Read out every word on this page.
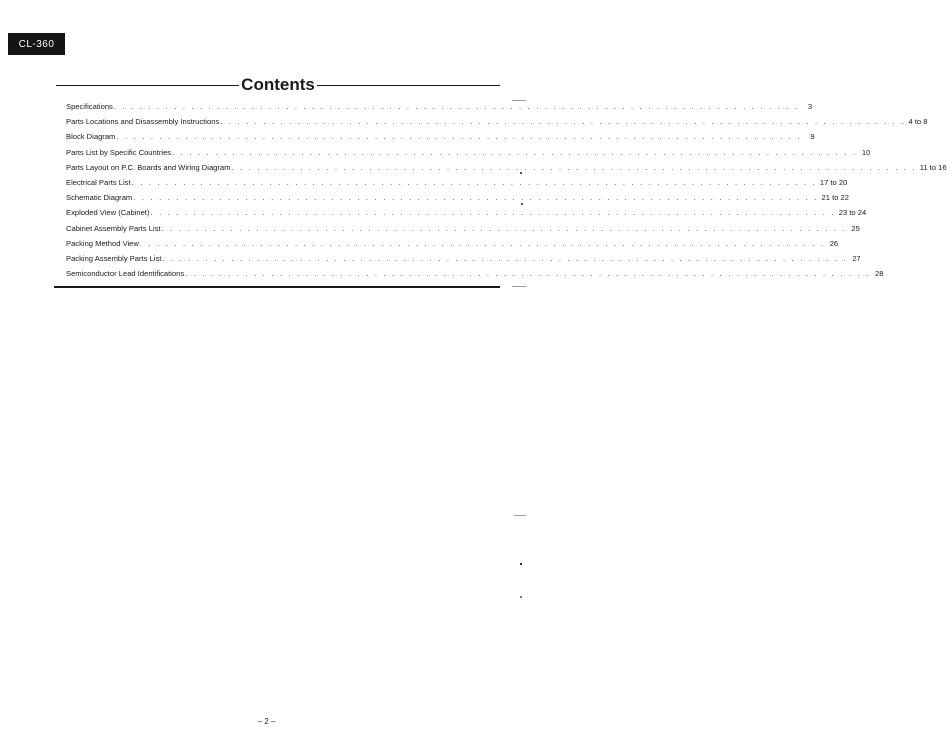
CL-360
Contents
Specifications . . . . . . . . . . . . . . . . . . . . . . . . . . . . . . . . . . . . . . . . . . . . . . . . . . . . . . . . . . . . . . . . . . . . . . . . . . . . . . . .	3
Parts Locations and Disassembly Instructions . . . . . . . . . . . . . . . . . . . . . . . . . . . . . . . . . . . . . . . . . . . . . . . . . . . . . . . . . . . . . . . . . . . . . . . . . . . . . . . . 4 to 8
Block Diagram . . . . . . . . . . . . . . . . . . . . . . . . . . . . . . . . . . . . . . . . . . . . . . . . . . . . . . . . . . . . . . . . . . . . . . . . . . . . . . . .	9
Parts List by Specific Countries . . . . . . . . . . . . . . . . . . . . . . . . . . . . . . . . . . . . . . . . . . . . . . . . . . . . . . . . . . . . . . . . . . . . . . . . . . . . . . . . 10
Parts Layout on P.C. Boards and Wiring Diagram . . . . . . . . . . . . . . . . . . . . . . . . . . . . . . . . . . . . . . . . . . . . . . . . . . . . . . . . . . . . . . . . . . . . . . . . . . . . . . . . 11 to 16
Electrical Parts List . . . . . . . . . . . . . . . . . . . . . . . . . . . . . . . . . . . . . . . . . . . . . . . . . . . . . . . . . . . . . . . . . . . . . . . . . . . . . . . . 17 to 20
Schematic Diagram . . . . . . . . . . . . . . . . . . . . . . . . . . . . . . . . . . . . . . . . . . . . . . . . . . . . . . . . . . . . . . . . . . . . . . . . . . . . . . . . 21 to 22
Exploded View (Cabinet) . . . . . . . . . . . . . . . . . . . . . . . . . . . . . . . . . . . . . . . . . . . . . . . . . . . . . . . . . . . . . . . . . . . . . . . . . . . . . . . . 23 to 24
Cabinet Assembly Parts List . . . . . . . . . . . . . . . . . . . . . . . . . . . . . . . . . . . . . . . . . . . . . . . . . . . . . . . . . . . . . . . . . . . . . . . . . . . . . . . . 25
Packing Method View . . . . . . . . . . . . . . . . . . . . . . . . . . . . . . . . . . . . . . . . . . . . . . . . . . . . . . . . . . . . . . . . . . . . . . . . . . . . . . . . 26
Packing Assembly Parts List . . . . . . . . . . . . . . . . . . . . . . . . . . . . . . . . . . . . . . . . . . . . . . . . . . . . . . . . . . . . . . . . . . . . . . . . . . . . . . . . 27
Semiconductor Lead Identifications . . . . . . . . . . . . . . . . . . . . . . . . . . . . . . . . . . . . . . . . . . . . . . . . . . . . . . . . . . . . . . . . . . . . . . . . . . . . . . . . 28
– 2 –
